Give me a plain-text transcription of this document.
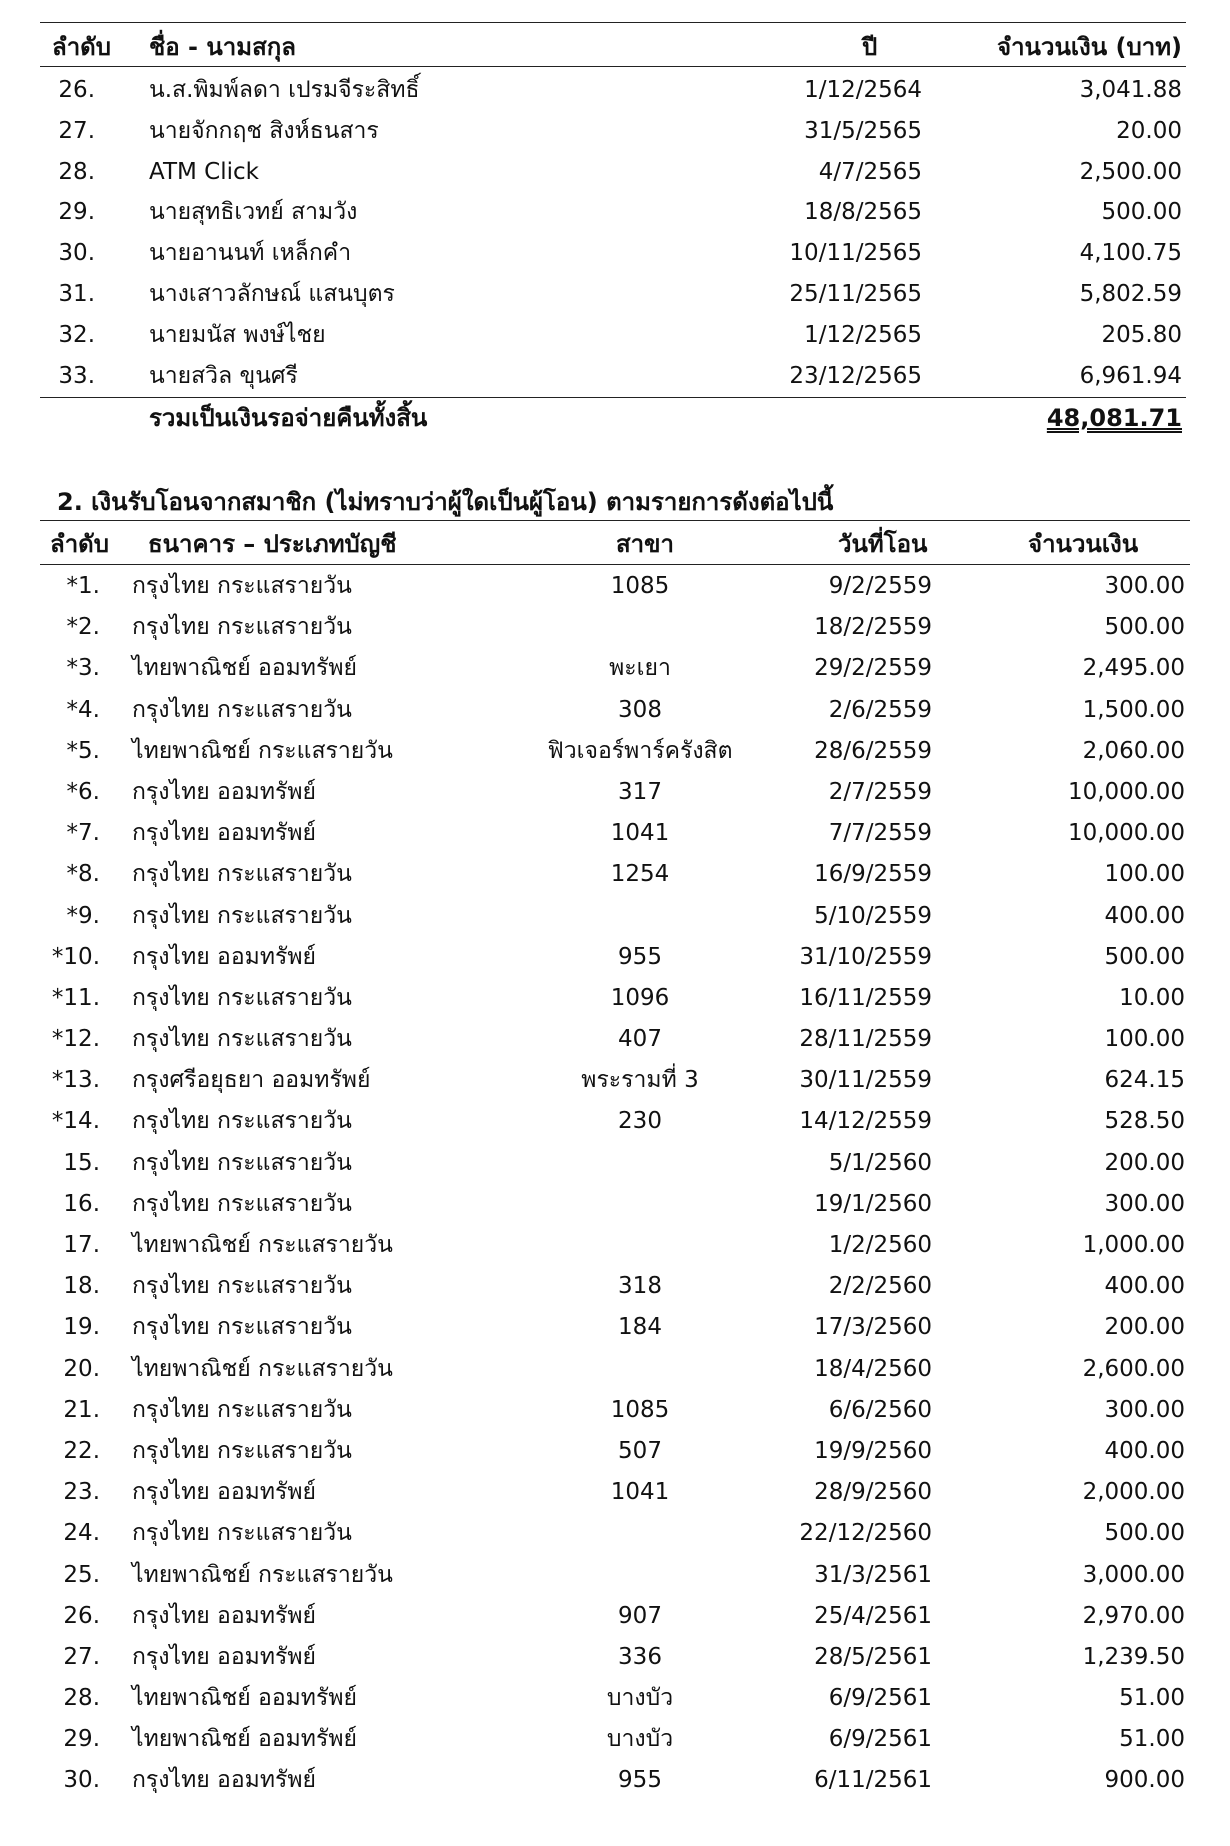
ลำดับ ชื่อ - นามสกุล	ปี	จำนวนเงิน (บาท)
26. น.ส.พิมพ์ลดา เปรมจีระสิทธิ์	1/12/2564	3,041.88
27. นายจักกฤช สิงห์ธนสาร	31/5/2565	20.00
28. ATM Click	4/7/2565	2,500.00
29. นายสุทธิเวทย์ สามวัง	18/8/2565	500.00
30. นายอานนท์ เหล็กคำ	10/11/2565	4,100.75
31. นางเสาวลักษณ์ แสนบุตร	25/11/2565	5,802.59
32. นายมนัส พงษ์ไชย	1/12/2565	205.80
33. นายสวิล ขุนศรี	23/12/2565	6,961.94
รวมเป็นเงินรอจ่ายคืนทั้งสิ้น	48,081.71
2. เงินรับโอนจากสมาชิก (ไม่ทราบว่าผู้ใดเป็นผู้โอน) ตามรายการดังต่อไปนี้
ลำดับ ธนาคาร – ประเภทบัญชี	สาขา	วันที่โอน	จำนวนเงิน
*1. กรุงไทย กระแสรายวัน	1085	9/2/2559	300.00
*2. กรุงไทย กระแสรายวัน	18/2/2559	500.00
*3. ไทยพาณิชย์ ออมทรัพย์	พะเยา	29/2/2559	2,495.00
*4. กรุงไทย กระแสรายวัน	308	2/6/2559	1,500.00
*5. ไทยพาณิชย์ กระแสรายวัน	ฟิวเจอร์พาร์ครังสิต	28/6/2559	2,060.00
*6. กรุงไทย ออมทรัพย์	317	2/7/2559	10,000.00
*7. กรุงไทย ออมทรัพย์	1041	7/7/2559	10,000.00
*8. กรุงไทย กระแสรายวัน	1254	16/9/2559	100.00
*9. กรุงไทย กระแสรายวัน	5/10/2559	400.00
*10. กรุงไทย ออมทรัพย์	955	31/10/2559	500.00
*11. กรุงไทย กระแสรายวัน	1096	16/11/2559	10.00
*12. กรุงไทย กระแสรายวัน	407	28/11/2559	100.00
*13. กรุงศรีอยุธยา ออมทรัพย์	พระรามที่ 3	30/11/2559	624.15
*14. กรุงไทย กระแสรายวัน	230	14/12/2559	528.50
15. กรุงไทย กระแสรายวัน	5/1/2560	200.00
16. กรุงไทย กระแสรายวัน	19/1/2560	300.00
17. ไทยพาณิชย์ กระแสรายวัน	1/2/2560	1,000.00
18. กรุงไทย กระแสรายวัน	318	2/2/2560	400.00
19. กรุงไทย กระแสรายวัน	184	17/3/2560	200.00
20. ไทยพาณิชย์ กระแสรายวัน	18/4/2560	2,600.00
21. กรุงไทย กระแสรายวัน	1085	6/6/2560	300.00
22. กรุงไทย กระแสรายวัน	507	19/9/2560	400.00
23. กรุงไทย ออมทรัพย์	1041	28/9/2560	2,000.00
24. กรุงไทย กระแสรายวัน	22/12/2560	500.00
25. ไทยพาณิชย์ กระแสรายวัน	31/3/2561	3,000.00
26. กรุงไทย ออมทรัพย์	907	25/4/2561	2,970.00
27. กรุงไทย ออมทรัพย์	336	28/5/2561	1,239.50
28. ไทยพาณิชย์ ออมทรัพย์	บางบัว	6/9/2561	51.00
29. ไทยพาณิชย์ ออมทรัพย์	บางบัว	6/9/2561	51.00
30. กรุงไทย ออมทรัพย์	955	6/11/2561	900.00
